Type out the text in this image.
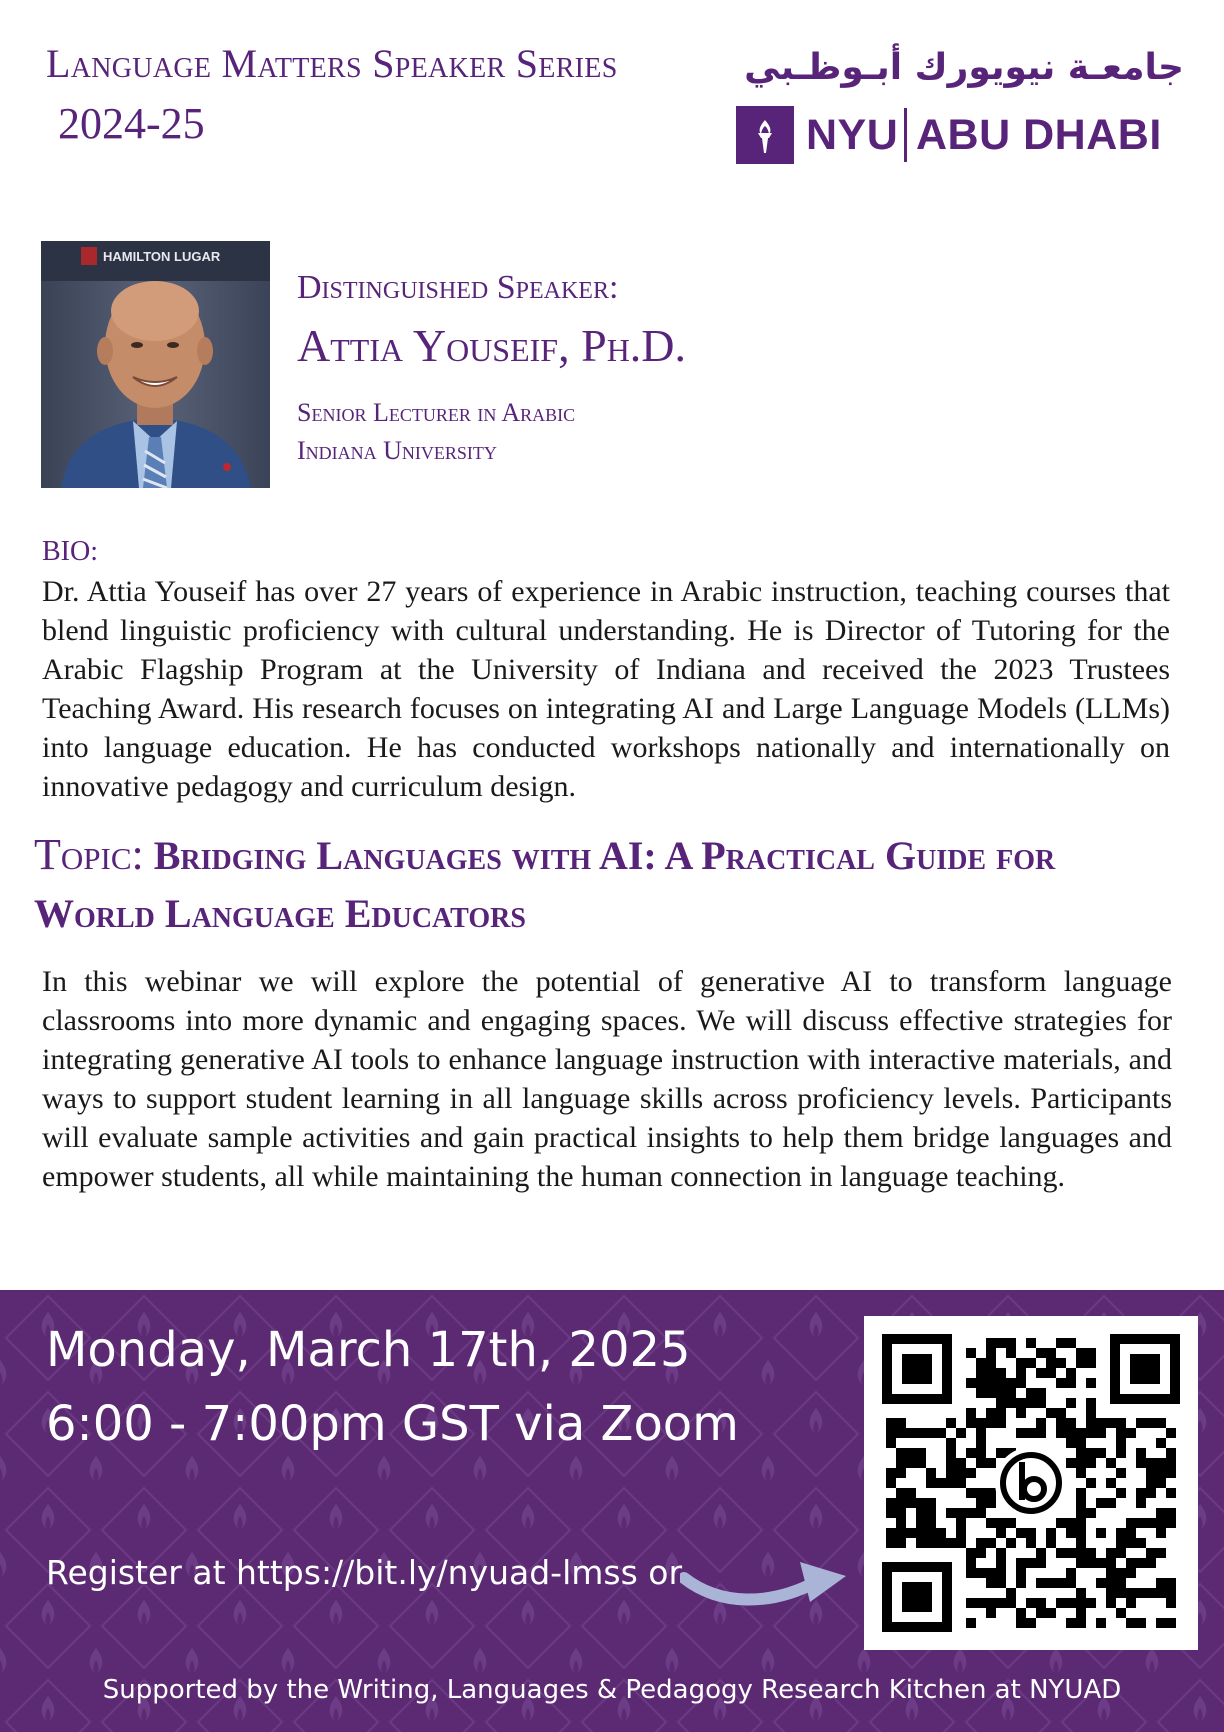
Language Matters Speaker Series
2024-25
جامعـة نيويورك أبـوظـبي
NYU ABU DHABI
HAMILTON LUGAR
Distinguished Speaker:
Attia Youseif, Ph.D.
Senior Lecturer in Arabic
Indiana University
BIO:
Dr. Attia Youseif has over 27 years of experience in Arabic instruction, teaching courses that blend linguistic proficiency with cultural understanding. He is Director of Tutoring for the Arabic Flagship Program at the University of Indiana and received the 2023 Trustees Teaching Award. His research focuses on integrating AI and Large Language Models (LLMs) into language education. He has conducted workshops nationally and internationally on innovative pedagogy and curriculum design.
Topic: Bridging Languages with AI: A Practical Guide for World Language Educators
In this webinar we will explore the potential of generative AI to transform language classrooms into more dynamic and engaging spaces. We will discuss effective strategies for integrating generative AI tools to enhance language instruction with interactive materials, and ways to support student learning in all language skills across proficiency levels. Participants will evaluate sample activities and gain practical insights to help them bridge languages and empower students, all while maintaining the human connection in language teaching.
Monday, March 17th, 2025
6:00 - 7:00pm GST via Zoom
Register at https://bit.ly/nyuad-lmss or
Supported by the Writing, Languages & Pedagogy Research Kitchen at NYUAD
